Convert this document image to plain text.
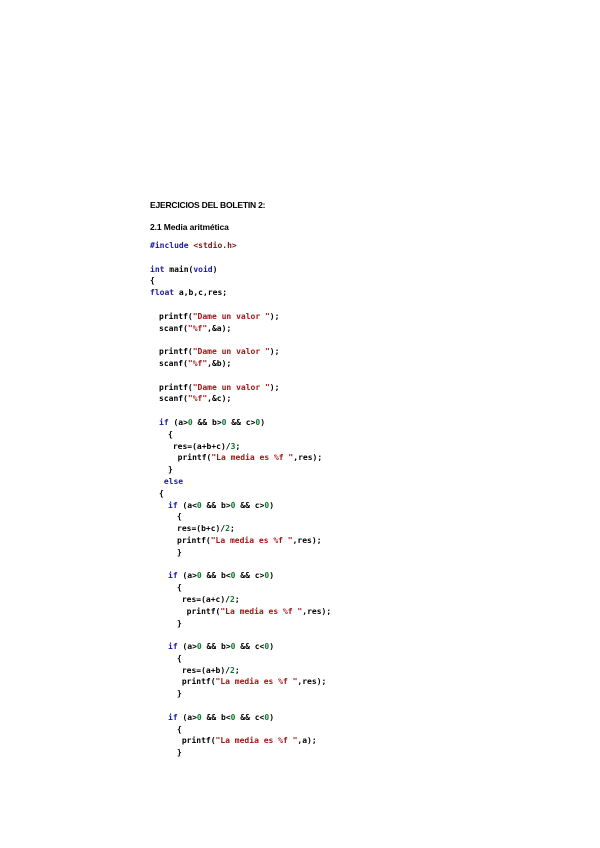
EJERCICIOS DEL BOLETIN 2:
2.1 Media aritmética
#include <stdio.h>
int main(void)
{
float a,b,c,res;
printf("Dame un valor ");
scanf("%f",&a);
printf("Dame un valor ");
scanf("%f",&b);
printf("Dame un valor ");
scanf("%f",&c);
if (a>0 && b>0 && c>0)
{
res=(a+b+c)/3;
printf("La media es %f ",res);
}
else
{
if (a<0 && b>0 && c>0)
{
res=(b+c)/2;
printf("La media es %f ",res);
}
if (a>0 && b<0 && c>0)
{
res=(a+c)/2;
printf("La media es %f ",res);
}
if (a>0 && b>0 && c<0)
{
res=(a+b)/2;
printf("La media es %f ",res);
}
if (a>0 && b<0 && c<0)
{
printf("La media es %f ",a);
}
